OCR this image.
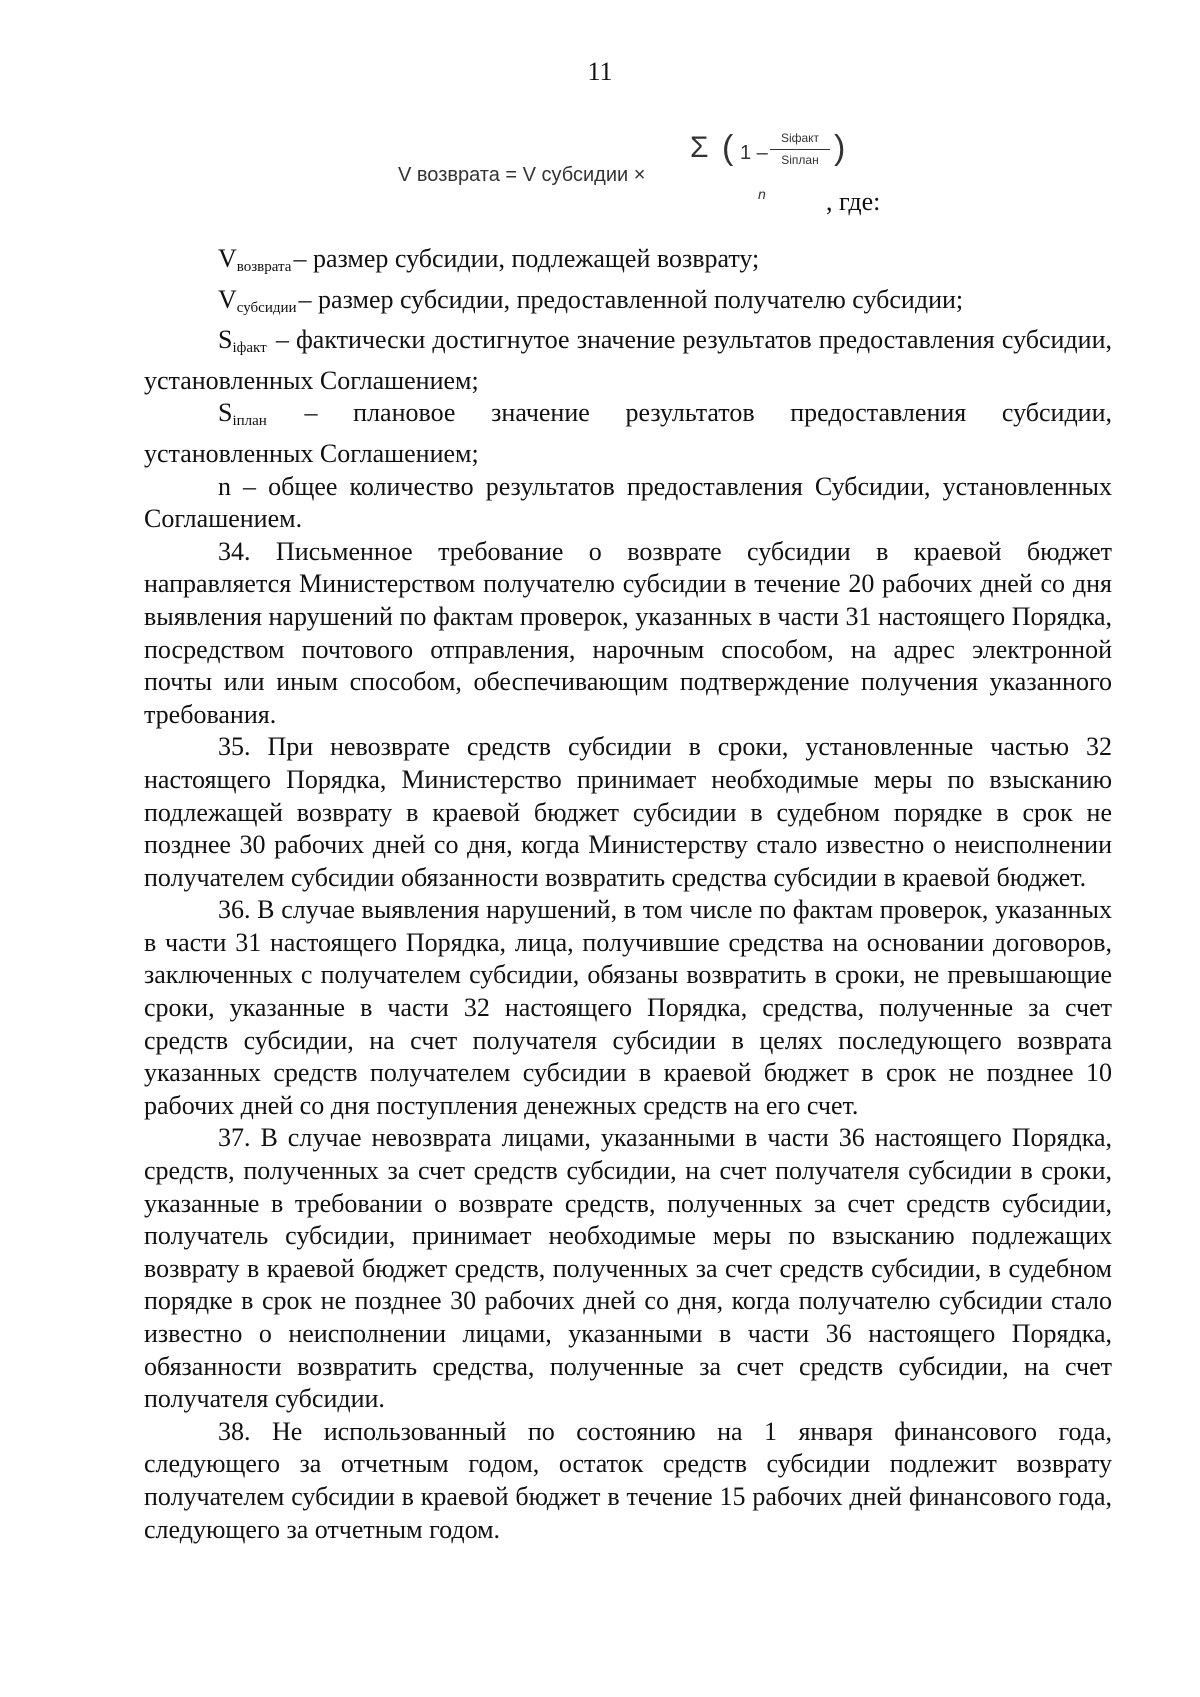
11
V возврата = V субсидии ×
Σ ( 1 –
Siфакт
Siплан )
n , где:

Vвозврата– размер субсидии, подлежащей возврату;

Vсубсидии– размер субсидии, предоставленной получателю субсидии;

Siфакт – фактически достигнутое значение результатов предоставления субсидии, установленных Соглашением;

Siплан – плановое значение результатов предоставления субсидии, установленных Соглашением;

n – общее количество результатов предоставления Субсидии, установленных Соглашением.

34. Письменное требование о возврате субсидии в краевой бюджет направляется Министерством получателю субсидии в течение 20 рабочих дней со дня выявления нарушений по фактам проверок, указанных в части 31 настоящего Порядка, посредством почтового отправления, нарочным способом, на адрес электронной почты или иным способом, обеспечивающим подтверждение получения указанного требования.

35. При невозврате средств субсидии в сроки, установленные частью 32 настоящего Порядка, Министерство принимает необходимые меры по взысканию подлежащей возврату в краевой бюджет субсидии в судебном порядке в срок не позднее 30 рабочих дней со дня, когда Министерству стало известно о неисполнении получателем субсидии обязанности возвратить средства субсидии в краевой бюджет.

36. В случае выявления нарушений, в том числе по фактам проверок, указанных в части 31 настоящего Порядка, лица, получившие средства на основании договоров, заключенных с получателем субсидии, обязаны возвратить в сроки, не превышающие сроки, указанные в части 32 настоящего Порядка, средства, полученные за счет средств субсидии, на счет получателя субсидии в целях последующего возврата указанных средств получателем субсидии в краевой бюджет в срок не позднее 10 рабочих дней со дня поступления денежных средств на его счет.

37. В случае невозврата лицами, указанными в части 36 настоящего Порядка, средств, полученных за счет средств субсидии, на счет получателя субсидии в сроки, указанные в требовании о возврате средств, полученных за счет средств субсидии, получатель субсидии, принимает необходимые меры по взысканию подлежащих возврату в краевой бюджет средств, полученных за счет средств субсидии, в судебном порядке в срок не позднее 30 рабочих дней со дня, когда получателю субсидии стало известно о неисполнении лицами, указанными в части 36 настоящего Порядка, обязанности возвратить средства, полученные за счет средств субсидии, на счет получателя субсидии.

38. Не использованный по состоянию на 1 января финансового года, следующего за отчетным годом, остаток средств субсидии подлежит возврату получателем субсидии в краевой бюджет в течение 15 рабочих дней финансового года, следующего за отчетным годом.
